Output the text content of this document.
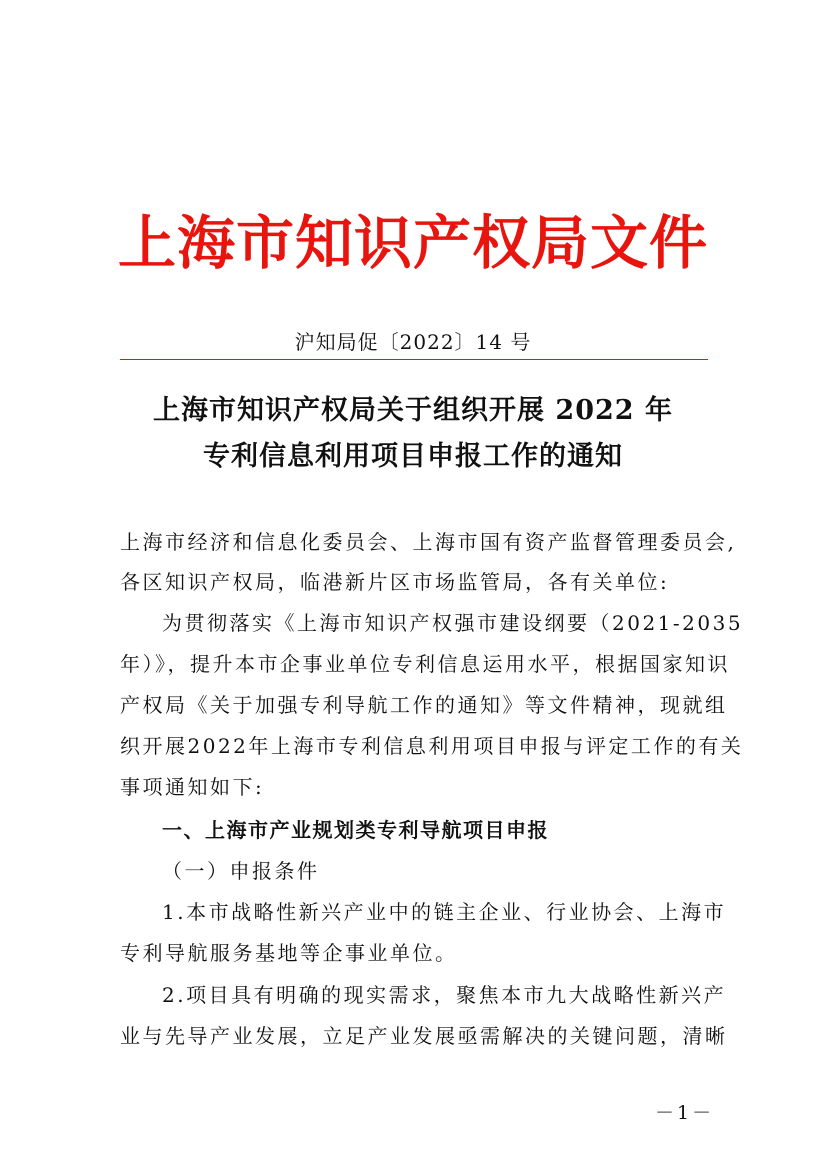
上海市知识产权局文件
沪知局促〔2022〕14 号
上海市知识产权局关于组织开展 2022 年
专利信息利用项目申报工作的通知
上海市经济和信息化委员会、上海市国有资产监督管理委员会,
各区知识产权局，临港新片区市场监管局，各有关单位:
为贯彻落实《上海市知识产权强市建设纲要（2021-2035
年）》，提升本市企事业单位专利信息运用水平，根据国家知识
产权局《关于加强专利导航工作的通知》等文件精神，现就组
织开展2022年上海市专利信息利用项目申报与评定工作的有关
事项通知如下:
一、上海市产业规划类专利导航项目申报
（一）申报条件
1.本市战略性新兴产业中的链主企业、行业协会、上海市
专利导航服务基地等企事业单位。
2.项目具有明确的现实需求，聚焦本市九大战略性新兴产
业与先导产业发展，立足产业发展亟需解决的关键问题，清晰
－1－
